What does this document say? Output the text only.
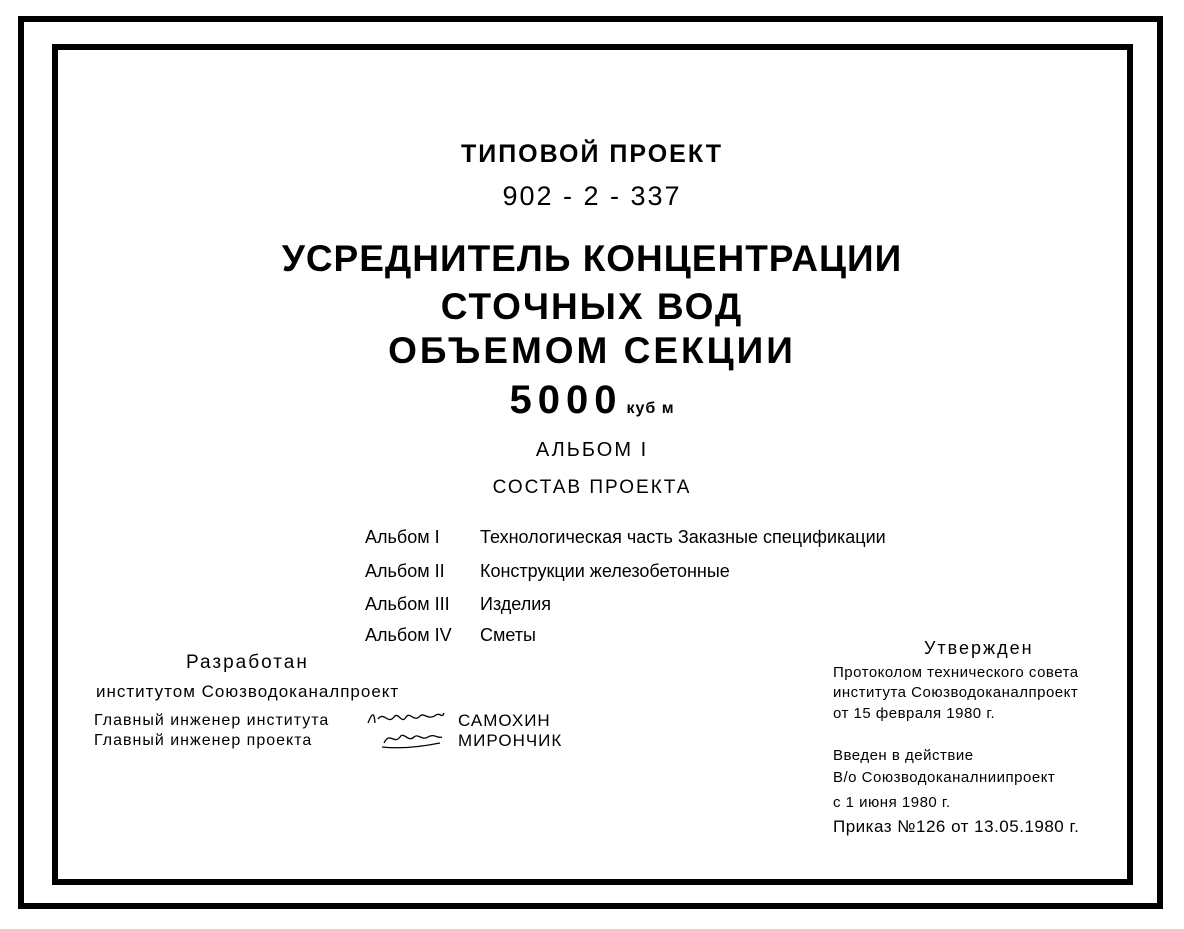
ТИПОВОЙ ПРОЕКТ
902 - 2 - 337
УСРЕДНИТЕЛЬ КОНЦЕНТРАЦИИ
СТОЧНЫХ ВОД
ОБЪЕМОМ СЕКЦИИ
5000 куб м
АЛЬБОМ I
СОСТАВ ПРОЕКТА
Альбом I Технологическая часть Заказные спецификации
Альбом II Конструкции железобетонные
Альбом III Изделия
Альбом IV Сметы
Разработан
институтом Союзводоканалпроект
Главный инженер института
Главный инженер проекта
САМОХИН
МИРОНЧИК
Утвержден
Протоколом технического совета
института Союзводоканалпроект
от 15 февраля 1980 г.
Введен в действие
В/о Союзводоканалниипроект
с 1 июня 1980 г.
Приказ №126 от 13.05.1980 г.
